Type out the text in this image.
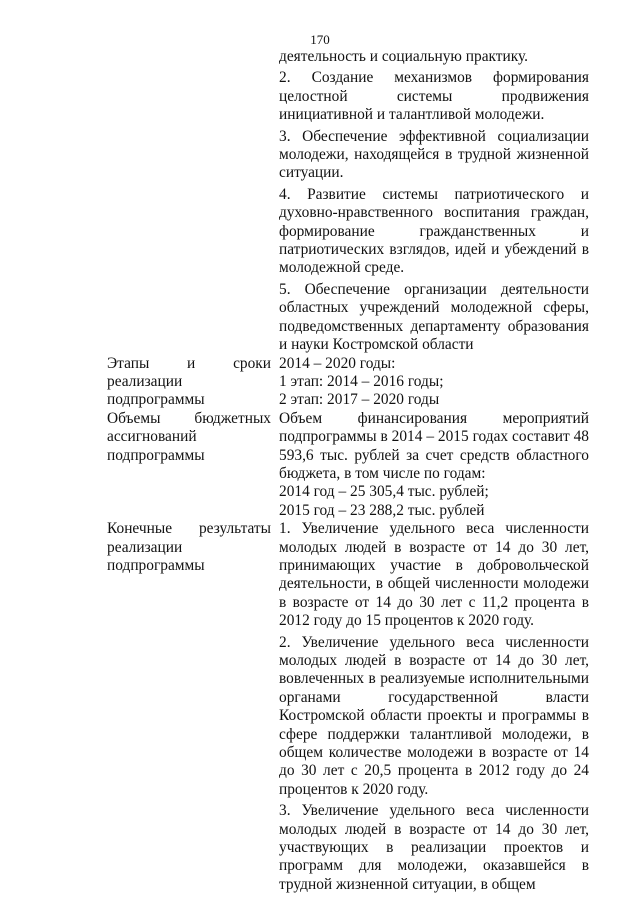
170

деятельность и социальную практику.

2. Создание механизмов формирования целостной системы продвижения инициативной и талантливой молодежи.

3. Обеспечение эффективной социализации молодежи, находящейся в трудной жизненной ситуации.

4. Развитие системы патриотического и духовно-нравственного воспитания граждан, формирование гражданственных и патриотических взглядов, идей и убеждений в молодежной среде.

5. Обеспечение организации деятельности областных учреждений молодежной сферы, подведомственных департаменту образования и науки Костромской области

Этапы и сроки
реализации подпрограммы

2014 – 2020 годы:

1 этап: 2014 – 2016 годы;

2 этап: 2017 – 2020 годы

Объемы бюджетных
ассигнований подпрограммы

Объем финансирования мероприятий подпрограммы в 2014 – 2015 годах составит 48 593,6 тыс. рублей за счет средств областного бюджета, в том числе по годам:

2014 год – 25 305,4 тыс. рублей;

2015 год – 23 288,2 тыс. рублей

Конечные результаты
реализации подпрограммы

1. Увеличение удельного веса численности молодых людей в возрасте от 14 до 30 лет, принимающих участие в добровольческой деятельности, в общей численности молодежи в возрасте от 14 до 30 лет с 11,2 процента в 2012 году до 15 процентов к 2020 году.

2. Увеличение удельного веса численности молодых людей в возрасте от 14 до 30 лет, вовлеченных в реализуемые исполнительными органами государственной власти Костромской области проекты и программы в сфере поддержки талантливой молодежи, в общем количестве молодежи в возрасте от 14 до 30 лет с 20,5 процента в 2012 году до 24 процентов к 2020 году.

3. Увеличение удельного веса численности молодых людей в возрасте от 14 до 30 лет, участвующих в реализации проектов и программ для молодежи, оказавшейся в трудной жизненной ситуации, в общем
